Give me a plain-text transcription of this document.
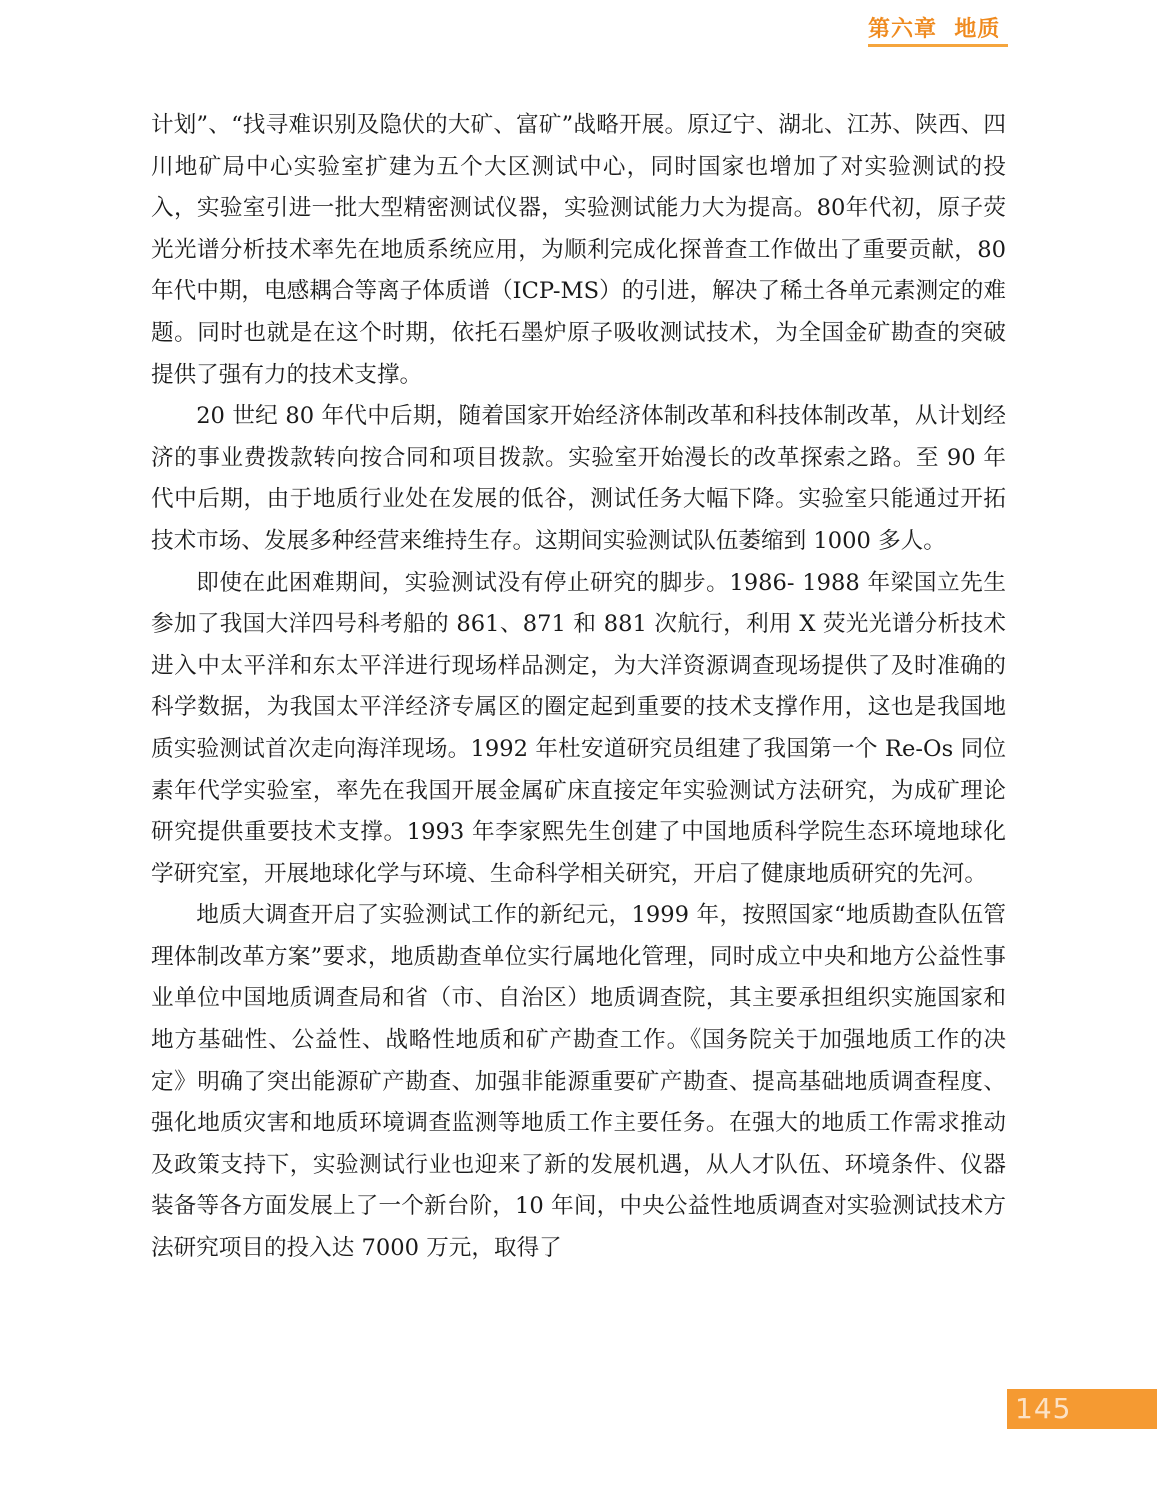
第六章 地质

计划”、“找寻难识别及隐伏的大矿、富矿”战略开展。原辽宁、湖北、江苏、陕西、四川地矿局中心实验室扩建为五个大区测试中心，同时国家也增加了对实验测试的投入，实验室引进一批大型精密测试仪器，实验测试能力大为提高。80年代初，原子荧光光谱分析技术率先在地质系统应用，为顺利完成化探普查工作做出了重要贡献，80 年代中期，电感耦合等离子体质谱（ICP-MS）的引进，解决了稀土各单元素测定的难题。同时也就是在这个时期，依托石墨炉原子吸收测试技术，为全国金矿勘查的突破提供了强有力的技术支撑。

20 世纪 80 年代中后期，随着国家开始经济体制改革和科技体制改革，从计划经济的事业费拨款转向按合同和项目拨款。实验室开始漫长的改革探索之路。至 90 年代中后期，由于地质行业处在发展的低谷，测试任务大幅下降。实验室只能通过开拓技术市场、发展多种经营来维持生存。这期间实验测试队伍萎缩到 1000 多人。

即使在此困难期间，实验测试没有停止研究的脚步。1986- 1988 年梁国立先生参加了我国大洋四号科考船的 861、871 和 881 次航行，利用 X 荧光光谱分析技术进入中太平洋和东太平洋进行现场样品测定，为大洋资源调查现场提供了及时准确的科学数据，为我国太平洋经济专属区的圈定起到重要的技术支撑作用，这也是我国地质实验测试首次走向海洋现场。1992 年杜安道研究员组建了我国第一个 Re-Os 同位素年代学实验室，率先在我国开展金属矿床直接定年实验测试方法研究，为成矿理论研究提供重要技术支撑。1993 年李家熙先生创建了中国地质科学院生态环境地球化学研究室，开展地球化学与环境、生命科学相关研究，开启了健康地质研究的先河。

地质大调查开启了实验测试工作的新纪元，1999 年，按照国家“地质勘查队伍管理体制改革方案”要求，地质勘查单位实行属地化管理，同时成立中央和地方公益性事业单位中国地质调查局和省（市、自治区）地质调查院，其主要承担组织实施国家和地方基础性、公益性、战略性地质和矿产勘查工作。《国务院关于加强地质工作的决定》明确了突出能源矿产勘查、加强非能源重要矿产勘查、提高基础地质调查程度、强化地质灾害和地质环境调查监测等地质工作主要任务。在强大的地质工作需求推动及政策支持下，实验测试行业也迎来了新的发展机遇，从人才队伍、环境条件、仪器装备等各方面发展上了一个新台阶，10 年间，中央公益性地质调查对实验测试技术方法研究项目的投入达 7000 万元，取得了

145
